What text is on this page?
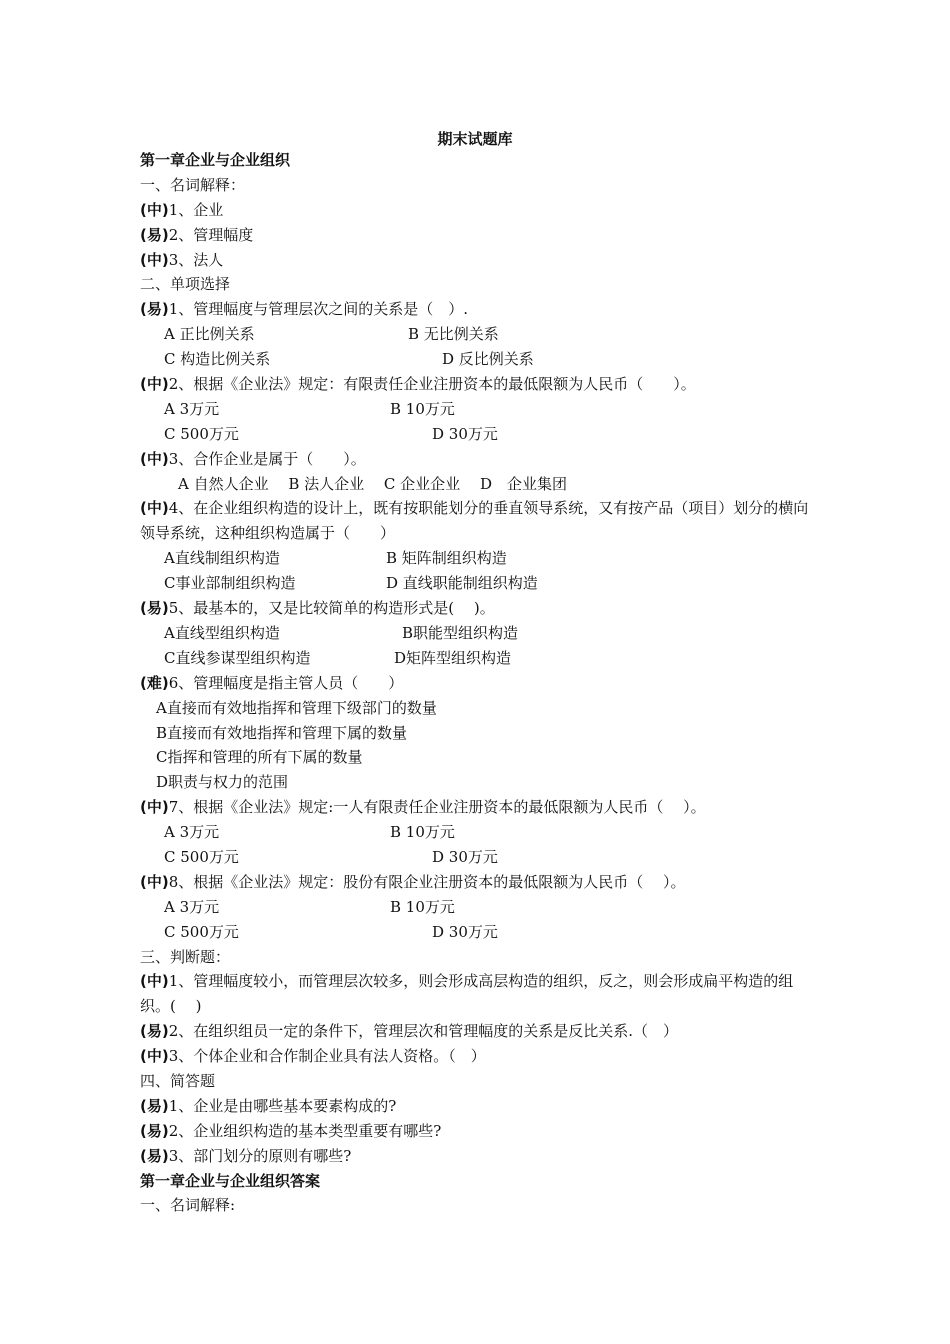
期末试题库
第一章企业与企业组织
一、名词解释：
(中)1、企业
(易)2、管理幅度
(中)3、法人
二、单项选择
(易)1、管理幅度与管理层次之间的关系是（　）.
A 正比例关系	B 无比例关系
C 构造比例关系	D 反比例关系
(中)2、根据《企业法》规定：有限责任企业注册资本的最低限额为人民币（　　）。
A 3万元	B 10万元
C 500万元	D 30万元
(中)3、合作企业是属于（　　）。
A 自然人企业　 B 法人企业　 C 企业企业　 D　企业集团
(中)4、在企业组织构造的设计上，既有按职能划分的垂直领导系统，又有按产品（项目）划分的横向领导系统，这种组织构造属于（　　）
A直线制组织构造	B 矩阵制组织构造
C事业部制组织构造	D 直线职能制组织构造
(易)5、最基本的，又是比较简单的构造形式是(　 )。
A直线型组织构造	B职能型组织构造
C直线参谋型组织构造	D矩阵型组织构造
(难)6、管理幅度是指主管人员（　　）
A直接而有效地指挥和管理下级部门的数量
B直接而有效地指挥和管理下属的数量
C指挥和管理的所有下属的数量
D职责与权力的范围
(中)7、根据《企业法》规定:一人有限责任企业注册资本的最低限额为人民币（　 ）。
A 3万元	B 10万元
C 500万元	D 30万元
(中)8、根据《企业法》规定：股份有限企业注册资本的最低限额为人民币（　 ）。
A 3万元	B 10万元
C 500万元	D 30万元
三、判断题：
(中)1、管理幅度较小，而管理层次较多，则会形成高层构造的组织，反之，则会形成扁平构造的组织。(　 )
(易)2、在组织组员一定的条件下，管理层次和管理幅度的关系是反比关系.（　）
(中)3、个体企业和合作制企业具有法人资格。（　）
四、简答题
(易)1、企业是由哪些基本要素构成的?
(易)2、企业组织构造的基本类型重要有哪些?
(易)3、部门划分的原则有哪些?
第一章企业与企业组织答案
一、名词解释:
